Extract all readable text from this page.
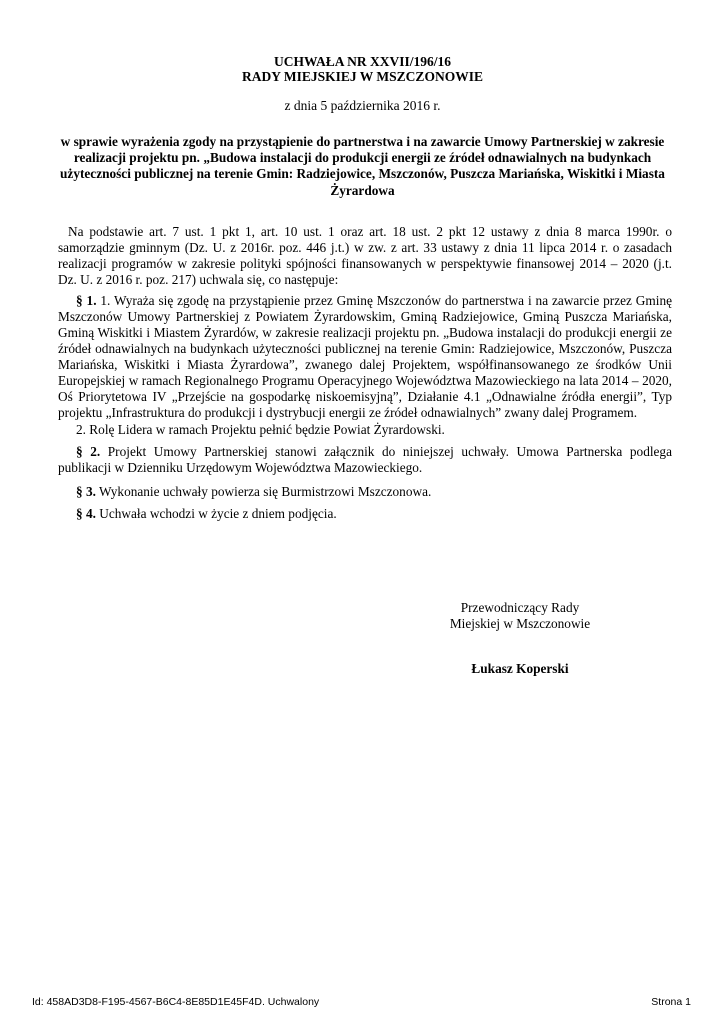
UCHWAŁA NR XXVII/196/16
RADY MIEJSKIEJ W MSZCZONOWIE
z dnia 5 października 2016 r.
w sprawie wyrażenia zgody na przystąpienie do partnerstwa i na zawarcie Umowy Partnerskiej w zakresie realizacji projektu pn. „Budowa instalacji do produkcji energii ze źródeł odnawialnych na budynkach użyteczności publicznej na terenie Gmin: Radziejowice, Mszczonów, Puszcza Mariańska, Wiskitki i Miasta Żyrardowa
Na podstawie art. 7 ust. 1 pkt 1, art. 10 ust. 1 oraz art. 18 ust. 2 pkt 12 ustawy z dnia 8 marca 1990r. o samorządzie gminnym (Dz. U. z 2016r. poz. 446 j.t.) w zw. z art. 33 ustawy z dnia 11 lipca 2014 r. o zasadach realizacji programów w zakresie polityki spójności finansowanych w perspektywie finansowej 2014 – 2020 (j.t. Dz. U. z 2016 r. poz. 217) uchwala się, co następuje:
§ 1. 1. Wyraża się zgodę na przystąpienie przez Gminę Mszczonów do partnerstwa i na zawarcie przez Gminę Mszczonów Umowy Partnerskiej z Powiatem Żyrardowskim, Gminą Radziejowice, Gminą Puszcza Mariańska, Gminą Wiskitki i Miastem Żyrardów, w zakresie realizacji projektu pn. „Budowa instalacji do produkcji energii ze źródeł odnawialnych na budynkach użyteczności publicznej na terenie Gmin: Radziejowice, Mszczonów, Puszcza Mariańska, Wiskitki i Miasta Żyrardowa”, zwanego dalej Projektem, współfinansowanego ze środków Unii Europejskiej w ramach Regionalnego Programu Operacyjnego Województwa Mazowieckiego na lata 2014 – 2020, Oś Priorytetowa IV „Przejście na gospodarkę niskoemisyjną”, Działanie 4.1 „Odnawialne źródła energii”, Typ projektu „Infrastruktura do produkcji i dystrybucji energii ze źródeł odnawialnych” zwany dalej Programem.
2. Rolę Lidera w ramach Projektu pełnić będzie Powiat Żyrardowski.
§ 2. Projekt Umowy Partnerskiej stanowi załącznik do niniejszej uchwały. Umowa Partnerska podlega publikacji w Dzienniku Urzędowym Województwa Mazowieckiego.
§ 3. Wykonanie uchwały powierza się Burmistrzowi Mszczonowa.
§ 4. Uchwała wchodzi w życie z dniem podjęcia.
Przewodniczący Rady
Miejskiej w Mszczonowie
Łukasz Koperski
Id: 458AD3D8-F195-4567-B6C4-8E85D1E45F4D. Uchwalony	Strona 1
